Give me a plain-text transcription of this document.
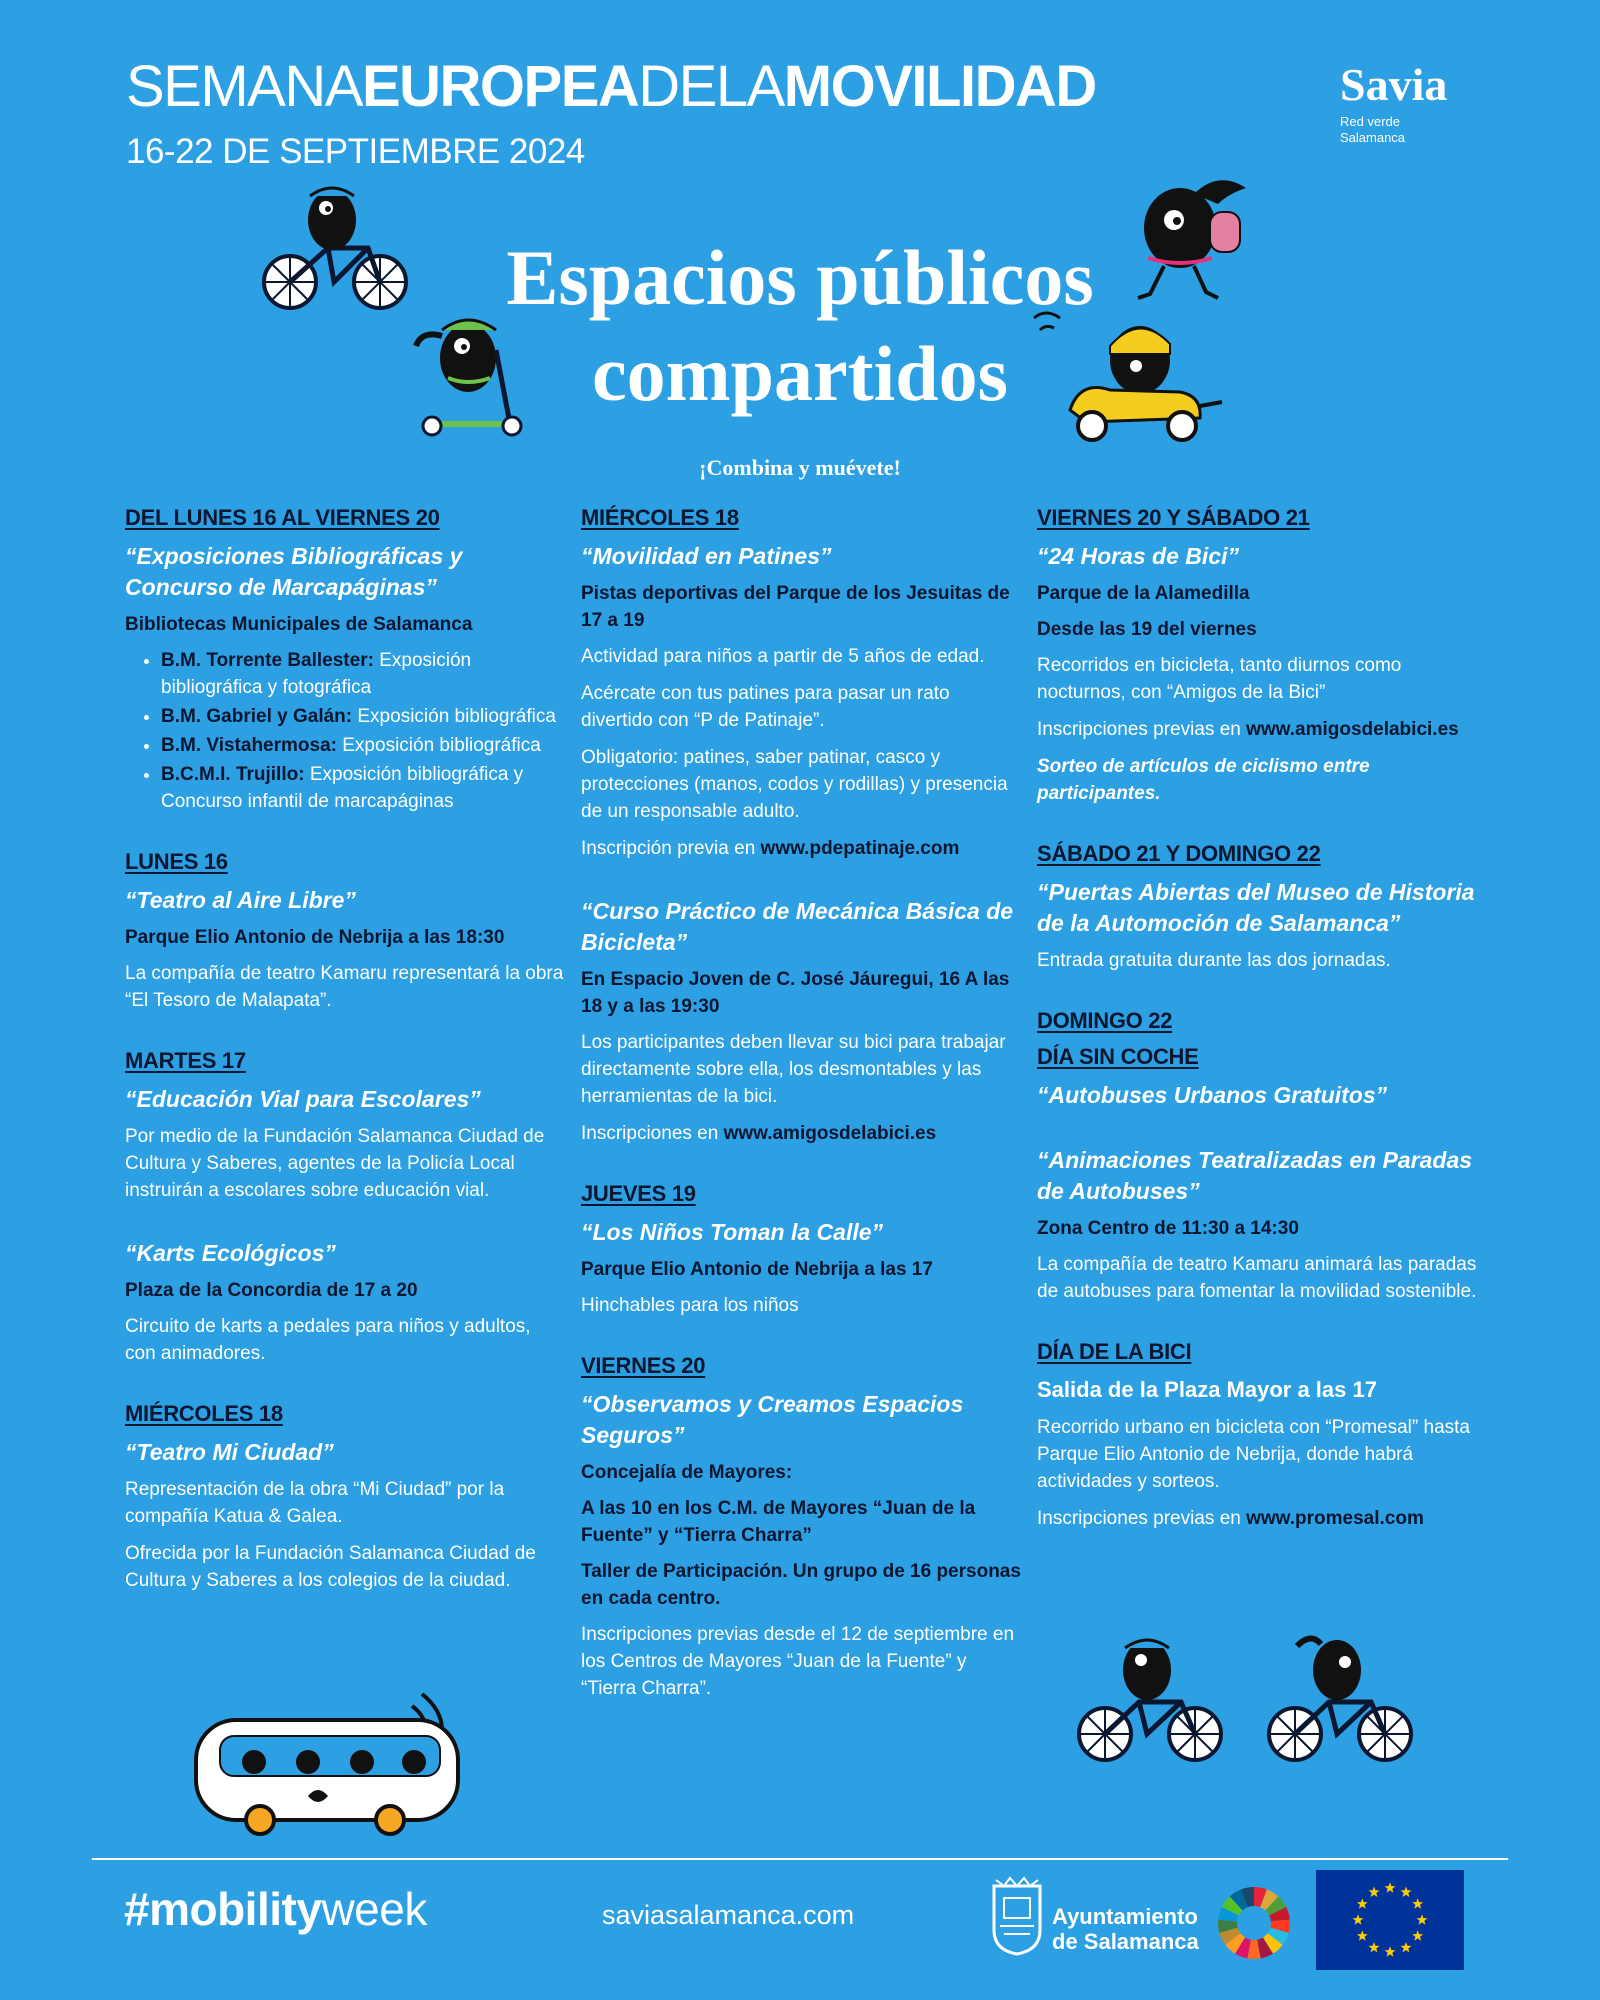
SEMANAEUROPEADELAMOVILIDAD
16-22 DE SEPTIEMBRE 2024
Savia
Red verde
Salamanca
Espacios públicos
compartidos
¡Combina y muévete!
DEL LUNES 16 AL VIERNES 20
“Exposiciones Bibliográficas y Concurso de Marcapáginas”
Bibliotecas Municipales de Salamanca
• B.M. Torrente Ballester: Exposición bibliográfica y fotográfica
• B.M. Gabriel y Galán: Exposición bibliográfica
• B.M. Vistahermosa: Exposición bibliográfica
• B.C.M.I. Trujillo: Exposición bibliográfica y Concurso infantil de marcapáginas
LUNES 16
“Teatro al Aire Libre”
Parque Elio Antonio de Nebrija a las 18:30
La compañía de teatro Kamaru representará la obra “El Tesoro de Malapata”.
MARTES 17
“Educación Vial para Escolares”
Por medio de la Fundación Salamanca Ciudad de Cultura y Saberes, agentes de la Policía Local instruirán a escolares sobre educación vial.
“Karts Ecológicos”
Plaza de la Concordia de 17 a 20
Circuito de karts a pedales para niños y adultos, con animadores.
MIÉRCOLES 18
“Teatro Mi Ciudad”
Representación de la obra “Mi Ciudad” por la compañía Katua & Galea.
Ofrecida por la Fundación Salamanca Ciudad de Cultura y Saberes a los colegios de la ciudad.
MIÉRCOLES 18
“Movilidad en Patines”
Pistas deportivas del Parque de los Jesuitas de 17 a 19
Actividad para niños a partir de 5 años de edad.
Acércate con tus patines para pasar un rato divertido con “P de Patinaje”.
Obligatorio: patines, saber patinar, casco y protecciones (manos, codos y rodillas) y presencia de un responsable adulto.
Inscripción previa en www.pdepatinaje.com
“Curso Práctico de Mecánica Básica de Bicicleta”
En Espacio Joven de C. José Jáuregui, 16 A las 18 y a las 19:30
Los participantes deben llevar su bici para trabajar directamente sobre ella, los desmontables y las herramientas de la bici.
Inscripciones en www.amigosdelabici.es
JUEVES 19
“Los Niños Toman la Calle”
Parque Elio Antonio de Nebrija a las 17
Hinchables para los niños
VIERNES 20
“Observamos y Creamos Espacios Seguros”
Concejalía de Mayores:
A las 10 en los C.M. de Mayores “Juan de la Fuente” y “Tierra Charra”
Taller de Participación. Un grupo de 16 personas en cada centro.
Inscripciones previas desde el 12 de septiembre en los Centros de Mayores “Juan de la Fuente” y “Tierra Charra”.
VIERNES 20 Y SÁBADO 21
“24 Horas de Bici”
Parque de la Alamedilla
Desde las 19 del viernes
Recorridos en bicicleta, tanto diurnos como nocturnos, con “Amigos de la Bici”
Inscripciones previas en www.amigosdelabici.es
Sorteo de artículos de ciclismo entre participantes.
SÁBADO 21 Y DOMINGO 22
“Puertas Abiertas del Museo de Historia de la Automoción de Salamanca”
Entrada gratuita durante las dos jornadas.
DOMINGO 22
DÍA SIN COCHE
“Autobuses Urbanos Gratuitos”
“Animaciones Teatralizadas en Paradas de Autobuses”
Zona Centro de 11:30 a 14:30
La compañía de teatro Kamaru animará las paradas de autobuses para fomentar la movilidad sostenible.
DÍA DE LA BICI
Salida de la Plaza Mayor a las 17
Recorrido urbano en bicicleta con “Promesal” hasta Parque Elio Antonio de Nebrija, donde habrá actividades y sorteos.
Inscripciones previas en www.promesal.com
#mobilityweek	saviasalamanca.com	Ayuntamiento
de Salamanca
